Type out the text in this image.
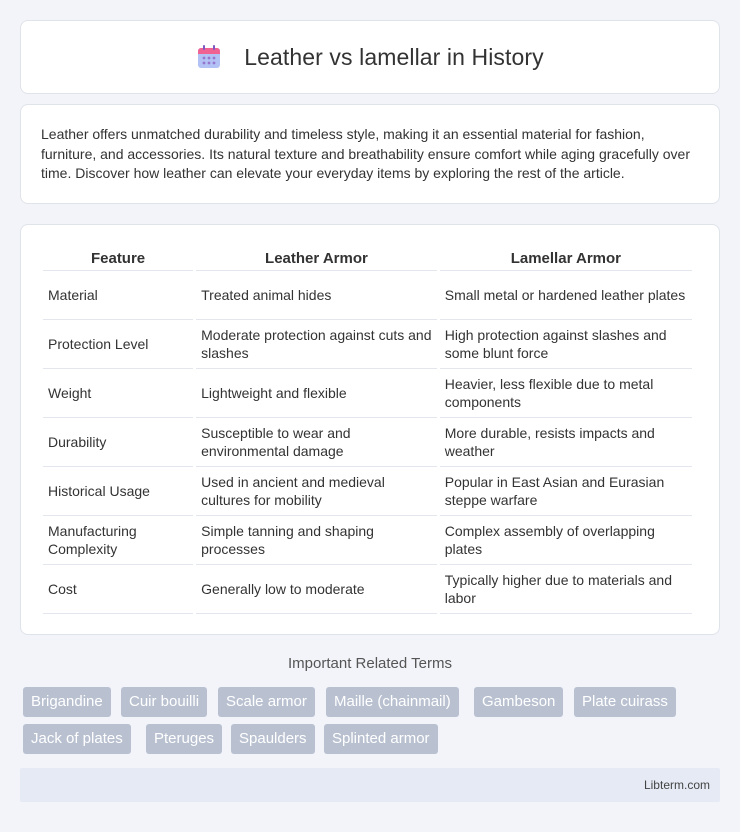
Leather vs lamellar in History

Leather offers unmatched durability and timeless style, making it an essential material for fashion, furniture, and accessories. Its natural texture and breathability ensure comfort while aging gracefully over time. Discover how leather can elevate your everyday items by exploring the rest of the article.

Feature	Leather Armor	Lamellar Armor
Material	Treated animal hides	Small metal or hardened leather plates
Protection Level	Moderate protection against cuts and slashes	High protection against slashes and some blunt force
Weight	Lightweight and flexible	Heavier, less flexible due to metal components
Durability	Susceptible to wear and environmental damage	More durable, resists impacts and weather
Historical Usage	Used in ancient and medieval cultures for mobility	Popular in East Asian and Eurasian steppe warfare
Manufacturing Complexity	Simple tanning and shaping processes	Complex assembly of overlapping plates
Cost	Generally low to moderate	Typically higher due to materials and labor
Important Related Terms
Brigandine	Cuir bouilli	Scale armor	Maille (chainmail)	Gambeson	Plate cuirass
Jack of plates	Pteruges	Spaulders	Splinted armor
Libterm.com
